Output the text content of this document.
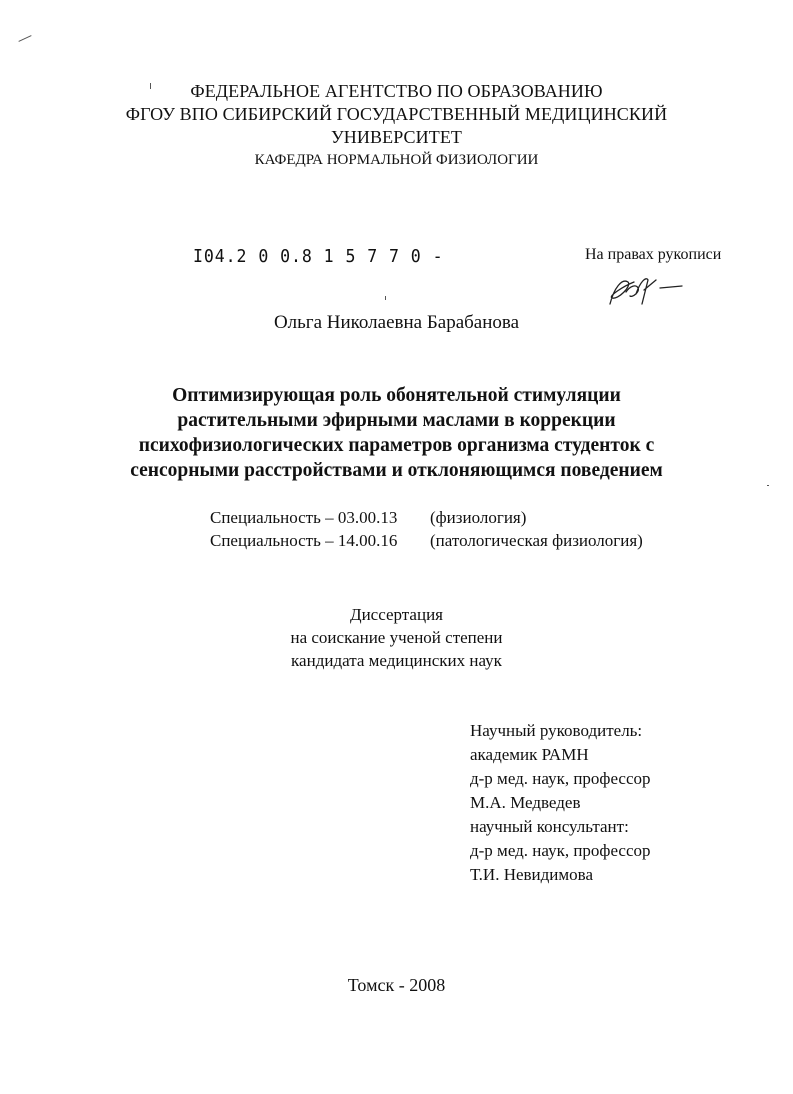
ФЕДЕРАЛЬНОЕ АГЕНТСТВО ПО ОБРАЗОВАНИЮ
ФГОУ ВПО СИБИРСКИЙ ГОСУДАРСТВЕННЫЙ МЕДИЦИНСКИЙ
УНИВЕРСИТЕТ
КАФЕДРА НОРМАЛЬНОЙ ФИЗИОЛОГИИ
I04.2 0 0.8 1 5 7 7 0 -	На правах рукописи
Ольга Николаевна Барабанова
Оптимизирующая роль обонятельной стимуляции
растительными эфирными маслами в коррекции
психофизиологических параметров организма студенток с
сенсорными расстройствами и отклоняющимся поведением
Специальность – 03.00.13 (физиология)
Специальность – 14.00.16 (патологическая физиология)
Диссертация
на соискание ученой степени
кандидата медицинских наук
Научный руководитель:
академик РАМН
д-р мед. наук, профессор
М.А. Медведев
научный консультант:
д-р мед. наук, профессор
Т.И. Невидимова
Томск - 2008
